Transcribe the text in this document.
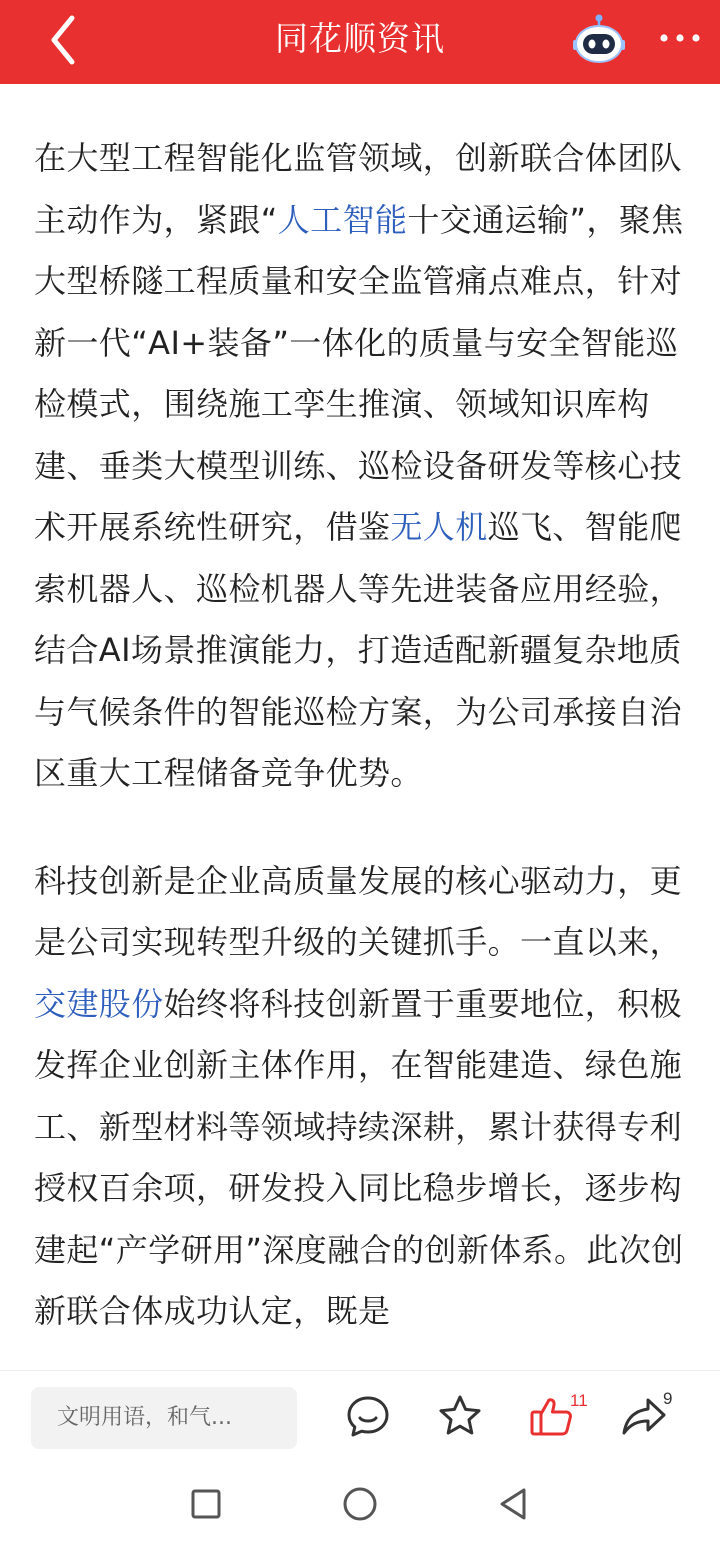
同花顺资讯

在大型工程智能化监管领域，创新联合体团队主动作为，紧跟“人工智能十交通运输”，聚焦大型桥隧工程质量和安全监管痛点难点，针对新一代“AI+装备”一体化的质量与安全智能巡检模式，围绕施工孪生推演、领域知识库构建、垂类大模型训练、巡检设备研发等核心技术开展系统性研究，借鉴无人机巡飞、智能爬索机器人、巡检机器人等先进装备应用经验，结合AI场景推演能力，打造适配新疆复杂地质与气候条件的智能巡检方案，为公司承接自治区重大工程储备竞争优势。

科技创新是企业高质量发展的核心驱动力，更是公司实现转型升级的关键抓手。一直以来，交建股份始终将科技创新置于重要地位，积极发挥企业创新主体作用，在智能建造、绿色施工、新型材料等领域持续深耕，累计获得专利授权百余项，研发投入同比稳步增长，逐步构建起“产学研用”深度融合的创新体系。此次创新联合体成功认定，既是

文明用语，和气...
11	9
